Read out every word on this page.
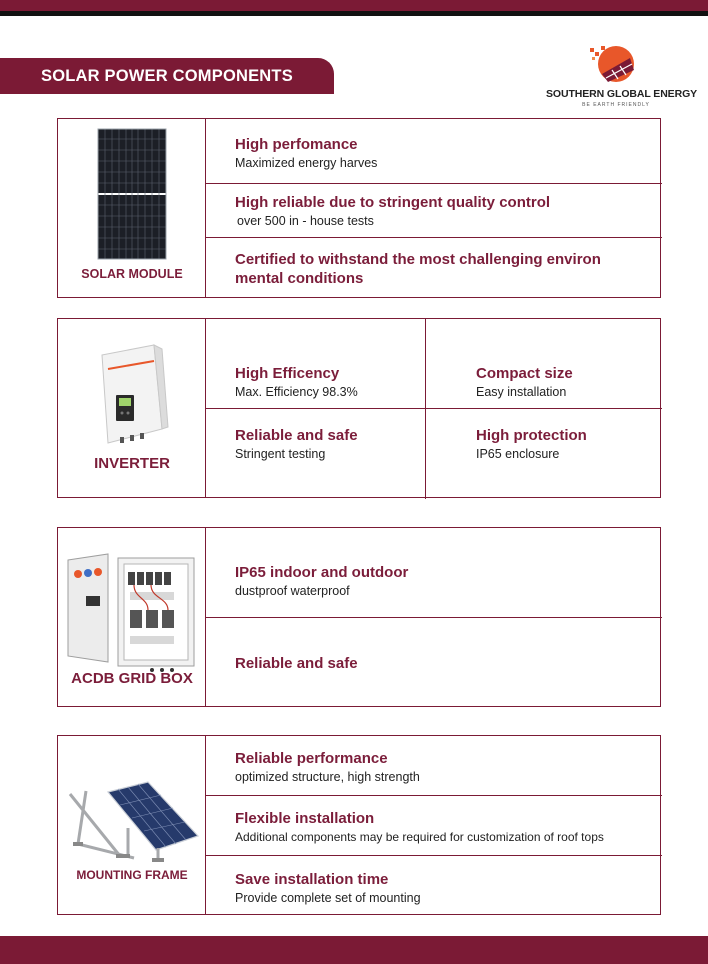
SOLAR POWER COMPONENTS
SOUTHERN GLOBAL ENERGY
BE EARTH FRIENDLY
SOLAR MODULE
High perfomance
Maximized energy harves
High reliable due to stringent quality control
over 500 in - house tests
Certified to withstand the most challenging environ mental conditions
INVERTER
High Efficency
Max. Efficiency 98.3%
Compact size
Easy installation
Reliable and safe
Stringent testing
High protection
IP65 enclosure
ACDB GRID BOX
IP65 indoor and outdoor
dustproof waterproof
Reliable and safe
MOUNTING FRAME
Reliable performance
optimized structure, high strength
Flexible installation
Additional components may be required for customization of roof tops
Save installation time
Provide complete set of mounting
